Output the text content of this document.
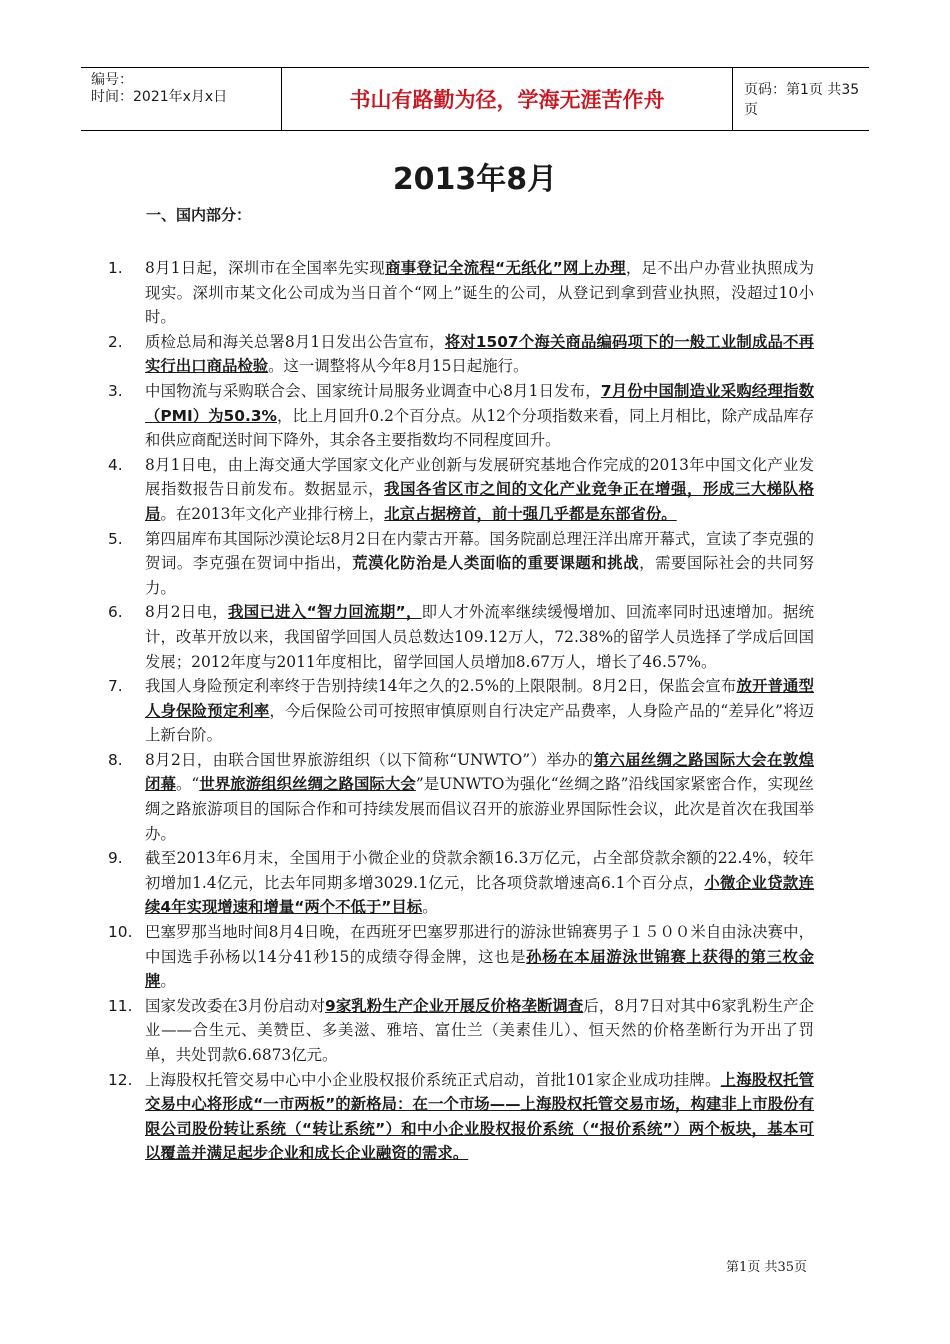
编号：
时间：2021年x月x日	书山有路勤为径，学海无涯苦作舟	页码：第1页 共35页
2013年8月
一、国内部分：
1.	8月1日起，深圳市在全国率先实现商事登记全流程“无纸化”网上办理，足不出户办营业执照成为现实。深圳市某文化公司成为当日首个“网上”诞生的公司，从登记到拿到营业执照，没超过10小时。
2.	质检总局和海关总署8月1日发出公告宣布，将对1507个海关商品编码项下的一般工业制成品不再实行出口商品检验。这一调整将从今年8月15日起施行。
3.	中国物流与采购联合会、国家统计局服务业调查中心8月1日发布，7月份中国制造业采购经理指数（PMI）为50.3%，比上月回升0.2个百分点。从12个分项指数来看，同上月相比，除产成品库存和供应商配送时间下降外，其余各主要指数均不同程度回升。
4.	8月1日电，由上海交通大学国家文化产业创新与发展研究基地合作完成的2013年中国文化产业发展指数报告日前发布。数据显示，我国各省区市之间的文化产业竞争正在增强，形成三大梯队格局。在2013年文化产业排行榜上，北京占据榜首，前十强几乎都是东部省份。
5.	第四届库布其国际沙漠论坛8月2日在内蒙古开幕。国务院副总理汪洋出席开幕式，宣读了李克强的贺词。李克强在贺词中指出，荒漠化防治是人类面临的重要课题和挑战，需要国际社会的共同努力。
6.	8月2日电，我国已进入“智力回流期”，即人才外流率继续缓慢增加、回流率同时迅速增加。据统计，改革开放以来，我国留学回国人员总数达109.12万人，72.38%的留学人员选择了学成后回国发展；2012年度与2011年度相比，留学回国人员增加8.67万人，增长了46.57%。
7.	我国人身险预定利率终于告别持续14年之久的2.5%的上限限制。8月2日，保监会宣布放开普通型人身保险预定利率，今后保险公司可按照审慎原则自行决定产品费率，人身险产品的“差异化”将迈上新台阶。
8.	8月2日，由联合国世界旅游组织（以下简称“UNWTO”）举办的第六届丝绸之路国际大会在敦煌闭幕。“世界旅游组织丝绸之路国际大会”是UNWTO为强化“丝绸之路”沿线国家紧密合作，实现丝绸之路旅游项目的国际合作和可持续发展而倡议召开的旅游业界国际性会议，此次是首次在我国举办。
9.	截至2013年6月末，全国用于小微企业的贷款余额16.3万亿元，占全部贷款余额的22.4%，较年初增加1.4亿元，比去年同期多增3029.1亿元，比各项贷款增速高6.1个百分点，小微企业贷款连续4年实现增速和增量“两个不低于”目标。
10. 巴塞罗那当地时间8月4日晚，在西班牙巴塞罗那进行的游泳世锦赛男子１５００米自由泳决赛中，中国选手孙杨以14分41秒15的成绩夺得金牌，这也是孙杨在本届游泳世锦赛上获得的第三枚金牌。
11. 国家发改委在3月份启动对9家乳粉生产企业开展反价格垄断调查后，8月7日对其中6家乳粉生产企业——合生元、美赞臣、多美滋、雅培、富仕兰（美素佳儿）、恒天然的价格垄断行为开出了罚单，共处罚款6.6873亿元。
12. 上海股权托管交易中心中小企业股权报价系统正式启动，首批101家企业成功挂牌。上海股权托管交易中心将形成“一市两板”的新格局：在一个市场——上海股权托管交易市场，构建非上市股份有限公司股份转让系统（“转让系统”）和中小企业股权报价系统（“报价系统”）两个板块，基本可以覆盖并满足起步企业和成长企业融资的需求。
第1页 共35页
